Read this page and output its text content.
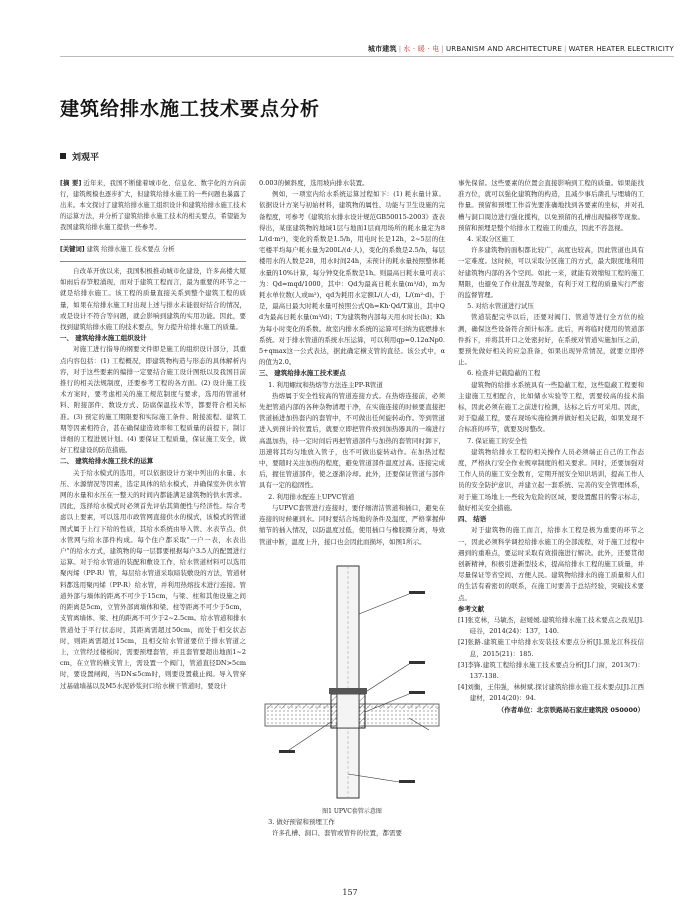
城市建筑 | 水 · 暖 · 电 | URBANISM AND ARCHITECTURE | WATER HEATER ELECTRICITY
建筑给排水施工技术要点分析
刘观平

[摘 要] 近年来，我国不断健着城市化、信息化、数字化的方向前行，建筑规模也逐步扩大，但建筑给排水施工的一些问题也暴露了出来。本文探讨了建筑给排水施工组织设计和建筑给排水施工技术的运算方法，并分析了建筑给排水施工技术的相关要点，希望能为我国建筑给排水施工提供一些参考。

[关键词] 建筑 给排水施工 技术要点 分析

自改革开放以来，我国积极推动城市化建设，许多高楼大厦如雨后春笋般涌现，而对于建筑工程而言，最为重要的环节之一就是给排水施工。该工程的质量直接关系到整个建筑工程的质量，如果在给排水施工时出现上述与排水未能很好结合的情况，或是设计不符合等问题，就会影响到建筑的实用功能。因此，要找到建筑给排水施工的技术要点，努力提升给排水施工的质量。

一、 建筑给排水施工组织设计

对施工进行指导的纲要文件即是施工的组织设计部分，其重点内容包括：(1) 工程概况，即建筑物构造与形态的具体解析内容，对于这些要素的编排一定要结合施工设计图纸以及我国目前推行的相关法规制度，还要参考工程的各方面。(2) 设计施工技术方案时，要考虑相关的施工规范制度与要求，选用的管道材料、附接部件、数设方式、防腐保温技术等，都要符合相关标准。(3) 预定的施工期限要和实际施工条件、附接流程、建筑工期等因素相符合，甚在确保建造效率和工程质量的前提下，制订详细的工程进展计划。(4) 要保证工程质量，保证施工安全，做好工程建设的防范措施。

二、 建筑给排水施工技术的运算

关于给水模式的选用，可以依据设计方案中列出的水量、水压、水源情况等因素，选定具体的给水模式，并确保室外供水管网的水量和水压在一整天的时间内都能满足建筑物的供水需求。因此，选择给水模式时必须首先评估其简便性与经济性。综合考虑以上要素，可以选用市政管网直接供水的模式，该模式的管道图式属于上行下给的性质，其给水系统由导入管、水表节点、供水管网与给水部件构成。每个住户都采取"一户一表，水表出户"的给水方式，建筑物的每一层都要根据每户3.5人的配置进行运算。对于给水管道的装配和敷设工作，给水管道材料可以选用聚丙烯（PP-R）管，每层给水管道采取暗装敷设的方法，管道材料都选用聚丙烯（PP-R）给水管，并利用热熔技术进行连接。管道外部与墙体的距离不可少于15cm，与梁、柱和其他设施之间的距离是5cm，立管外部离墙体和梁、柱等距离不可少于5cm，支管离墙体、梁、柱的距离不可少于2~2.5cm。给水管道和排水管道处于平行状态时，其距离需超过50cm，而处于相交状态时，则距离需超过15cm，且相交给水管道要位于排水管道之上，立管经过楼板时，需要预埋套管，并且套管要超出地面1~2cm，在立管的横支管上，需设置一个阀门，管道直径DN>5cm时，要设置闸阀，当DN≤5cm时，则要设置截止阀。导入管穿过基础墙基以及M5水泥砂浆封口给水横干管道时，要设计

0.003的倾斜度，选用坡向排水装置。

例如，一项室内给水系统运算过程如下：(1) 耗水量计算。依据设计方案与初始材料，建筑物的属性、功能与卫生设施的完备程度，可参考《建筑给水排水设计规范GB50015-2003》查表得出，某座建筑物的地域1层与地面1层商用场所的耗水量定为8L/(d·m²)，变化的系数是1.5/h，用电时长是12h，2~5层的住宅楼平均每户耗水量为200L/(d·人)，变化的系数是2.5/h，每层楼用水的人数是28，用水时间24h，未预计的耗水量按照整体耗水量的10%计算，每分钟变化系数是1h。则最高日耗水量可表示为：Qd=mqd/1000，其中：Qd为最高日耗水量(m³/d)，m为耗水单位数(人或m²)，qd为耗用水定额L/(人·d)，L/(m²·d)。于是，最高日最大时耗水量可按照公式Qh=Kh·Qd/T算出，其中Qd为最高日耗水量(m³/d)；T为建筑物内部每天用水时长(h)；Kh为每小时变化的系数。故室内排水系统的运算可归纳为底燃排水系统。对于排水管道的系统水压运算，可以利用qp=0.12αNp0.5+qmax这一公式表达，据此确定横支管的直径。该公式中，α的值为2.0。

三、 建筑给排水施工技术要点

1. 利用螺纹和热熔等方法连主PP-R管道

热熔属于安全性较高的管道连接方式。在热熔连接前，必须先把管道内部的各种杂物清理干净，在实施连接的时候要直接把管道插进加热套内的套管中，不可做出任何旋转动作。等到管道进入到预计的位置后，就要立即把管件放到加热器具的一端进行高温加热，待一定时间后再把管道部件与加热的套管同时卸下，迅速将其均匀地放入管子，也不可做出旋转动作。在加热过程中，要随时关注加热的程度，避免管道部件温度过高。连接完成后，握住管道部件，使之逐渐冷却。此外，还要保证管道与部件具有一定的稳固性。

2. 利用排水配连上UPVC管道

与UPVC套管进行连接时，要仔细清洁管道和插口，避免在连接的时候砸到水。同时要结合场地的条件及温度，严格掌握伸缩节的插入情况，以防温度过低，使用插口与橡胶圈分离，导致管道中断，温度上升，接口也会因此而损坏，如图1所示。

图1 UPVC套管示意图

3. 做好预留和预埋工作

许多孔槽、洞口、套管或管件的位置，都需要

事先保留。这些要素的位置会直接影响到工程的质量。如果能找准方位，就可以强化建筑物的构造，且减少事后凿孔与埋墙的工作量。预留和预埋工作首先要准确地找到各要素的坐标，并对孔槽与洞口周边进行强化揽构，以免预留的孔槽出现偏移等现象。预留和预埋是整个给排水工程施工的重点，因此不容忽视。

4. 采取分区施工

许多建筑物的面积都比较广，高度也较高，因此管道也具有一定难度。这时候，可以采取分区施工的方式，最大限度地利用好建筑物内部的各个空间。如此一来，就能有效缩短工程的施工期限，也避免了作业混乱等现象，有利于对工程的质量实行严密的监督管理。

5. 对给水管道进行试压

管道装配完毕以后，还要对阀门、管道等进行全方位的检测，确保这些设备符合预计标准。此后，再将临时使用的管道部件拆下，并将其开口之处密封好，在系统对管道实施加压之前，要预先做好相关的应急准备，如果出现异常情况，就要立即停止。

6. 检查并记载隐蔽的工程

建筑物的给排水系统具有一些隐蔽工程，这些隐蔽工程要和主建施工互相配合，比如储水实验等工程，需要较高的技术指标，因此必须在施工之前进行检测，达标之后方可采用。因此，对于隐蔽工程，要在现场实施检测并做好相关记载，如果发现不合标准的环节，就要及时整改。

7. 保证施工的安全性

建筑物给排水工程的相关操作人员必须端正自己的工作态度，严格执行安全作业规章制度的相关要求。同时，还要加强对工作人员的施工安全教育，定期开展安全知识培训，提高工作人员的安全防护意识，并建立起一套系统、完善的安全管理体系，对于施工场地上一些较为危险的区域，要设置醒目的警示标志，做好相关安全措施。

四、 结语

对于建筑物的施工而言，给排水工程是极为重要的环节之一，因此必须科学调控给排水施工的全部流程，对于施工过程中遇到的重难点，要运时采取有效措施进行解决。此外，还要贯彻创新精神，积极引进新型技术，提高给排水工程的施工质量，并尽量保证等省空间、方便人民。建筑物给排水的施工质量和人们的生活有着密切的联系，在施工时要善于总结经验，突破技术要点。

参考文献

[1]张克林，马敏杰，赵媛媛.建筑给排水施工技术要点之我见[J].硅谷，2014(24)：137，140.

[2]张路.建筑施工中给排水安装技术要点分析[J].黑龙江科技信息，2015(21)：185.

[3]李锋.建筑工程给排水施工技术要点分析[J].门窗，2013(7)：137-138.

[4]刘衡，王伟强，林树斌.探讨建筑给排水施工技术要点[J].江西建材，2014(20)：94.

（作者单位：北京铁路局石家庄建筑段 050000）

157
